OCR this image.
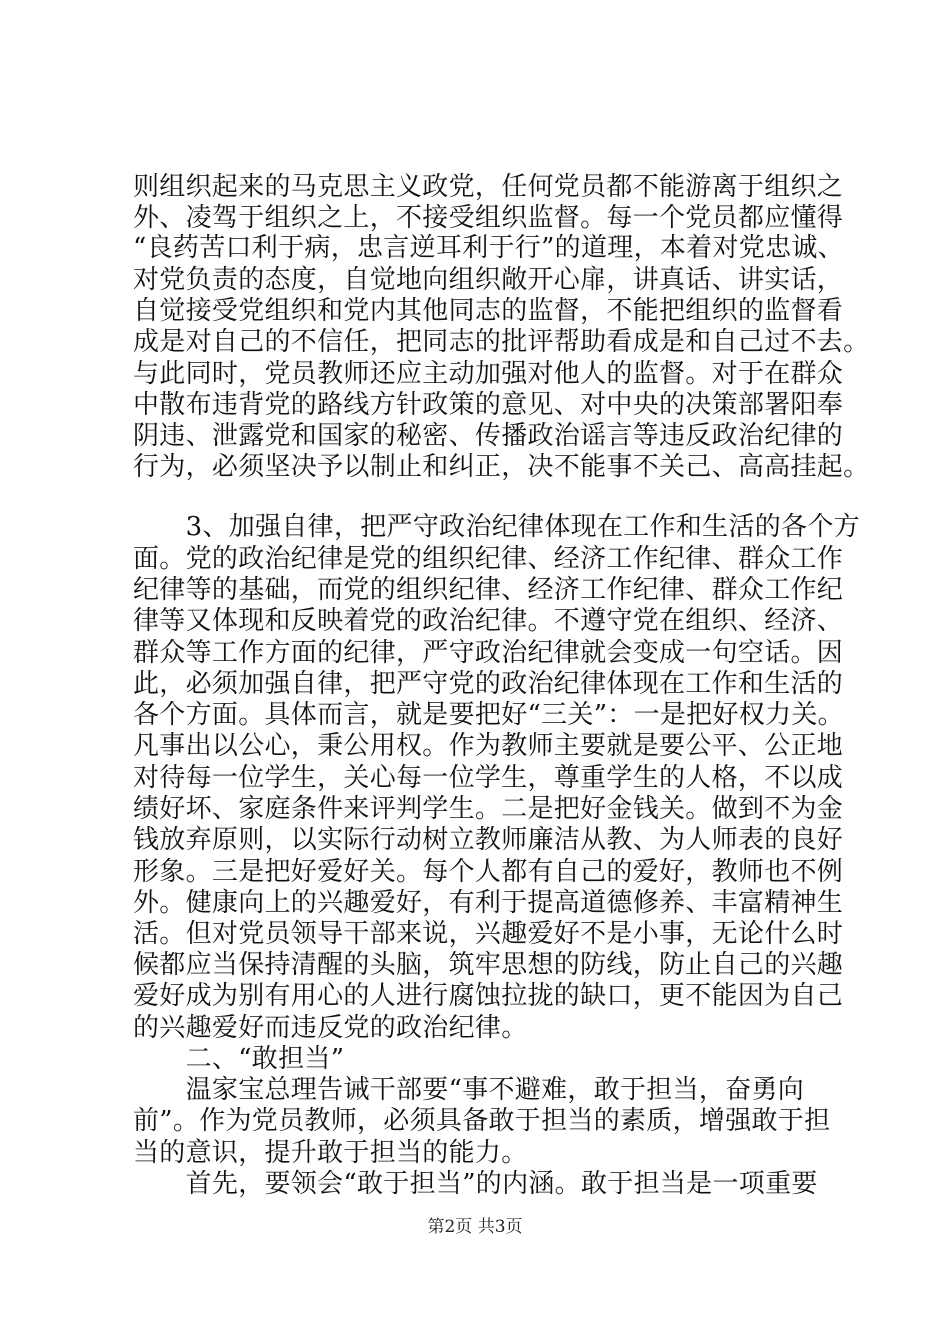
则组织起来的马克思主义政党，任何党员都不能游离于组织之
外、凌驾于组织之上，不接受组织监督。每一个党员都应懂得
“良药苦口利于病，忠言逆耳利于行”的道理，本着对党忠诚、
对党负责的态度，自觉地向组织敞开心扉，讲真话、讲实话，
自觉接受党组织和党内其他同志的监督，不能把组织的监督看
成是对自己的不信任，把同志的批评帮助看成是和自己过不去。
与此同时，党员教师还应主动加强对他人的监督。对于在群众
中散布违背党的路线方针政策的意见、对中央的决策部署阳奉
阴违、泄露党和国家的秘密、传播政治谣言等违反政治纪律的
行为，必须坚决予以制止和纠正，决不能事不关己、高高挂起。
　　3、加强自律，把严守政治纪律体现在工作和生活的各个方
面。党的政治纪律是党的组织纪律、经济工作纪律、群众工作
纪律等的基础，而党的组织纪律、经济工作纪律、群众工作纪
律等又体现和反映着党的政治纪律。不遵守党在组织、经济、
群众等工作方面的纪律，严守政治纪律就会变成一句空话。因
此，必须加强自律，把严守党的政治纪律体现在工作和生活的
各个方面。具体而言，就是要把好“三关”：一是把好权力关。
凡事出以公心，秉公用权。作为教师主要就是要公平、公正地
对待每一位学生，关心每一位学生，尊重学生的人格，不以成
绩好坏、家庭条件来评判学生。二是把好金钱关。做到不为金
钱放弃原则，以实际行动树立教师廉洁从教、为人师表的良好
形象。三是把好爱好关。每个人都有自己的爱好，教师也不例
外。健康向上的兴趣爱好，有利于提高道德修养、丰富精神生
活。但对党员领导干部来说，兴趣爱好不是小事，无论什么时
候都应当保持清醒的头脑，筑牢思想的防线，防止自己的兴趣
爱好成为别有用心的人进行腐蚀拉拢的缺口，更不能因为自己
的兴趣爱好而违反党的政治纪律。
　　二、“敢担当”
　　温家宝总理告诫干部要“事不避难，敢于担当，奋勇向
前”。作为党员教师，必须具备敢于担当的素质，增强敢于担
当的意识，提升敢于担当的能力。
　　首先，要领会“敢于担当”的内涵。敢于担当是一项重要
第2页 共3页
